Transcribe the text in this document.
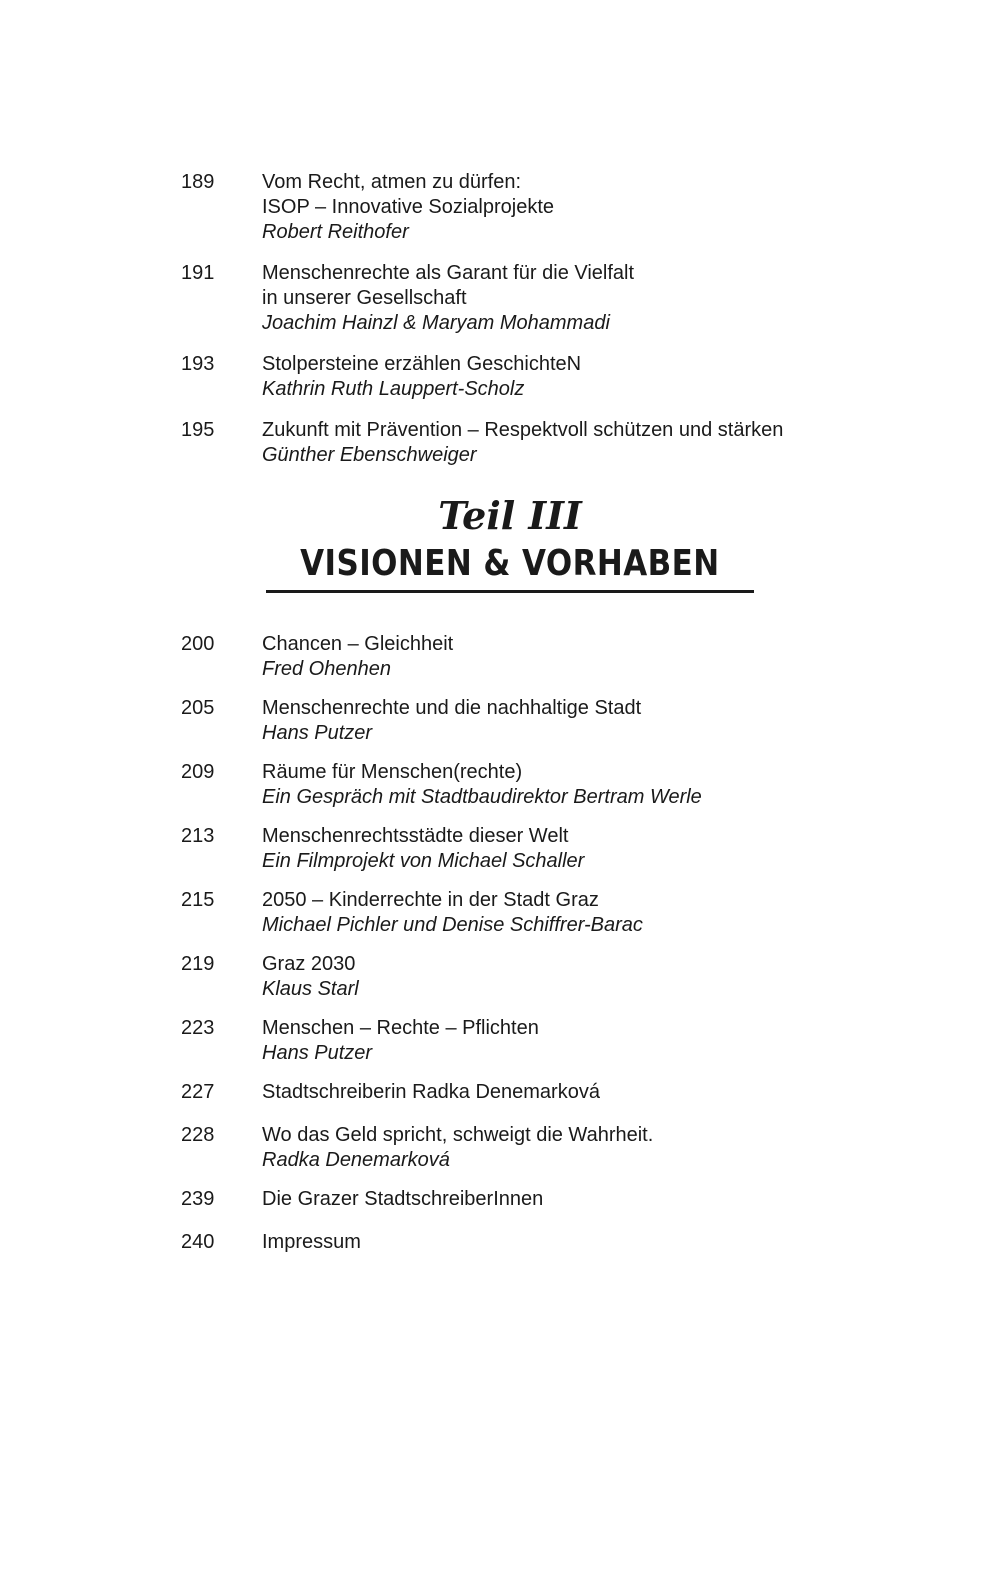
189 Vom Recht, atmen zu dürfen:
ISOP – Innovative Sozialprojekte
Robert Reithofer
191 Menschenrechte als Garant für die Vielfalt
in unserer Gesellschaft
Joachim Hainzl & Maryam Mohammadi
193 Stolpersteine erzählen GeschichteN
Kathrin Ruth Lauppert-Scholz
195 Zukunft mit Prävention – Respektvoll schützen und stärken
Günther Ebenschweiger
Teil III
VISIONEN & VORHABEN
200 Chancen – Gleichheit
Fred Ohenhen
205 Menschenrechte und die nachhaltige Stadt
Hans Putzer
209 Räume für Menschen(rechte)
Ein Gespräch mit Stadtbaudirektor Bertram Werle
213 Menschenrechtsstädte dieser Welt
Ein Filmprojekt von Michael Schaller
215 2050 – Kinderrechte in der Stadt Graz
Michael Pichler und Denise Schiffrer-Barac
219 Graz 2030
Klaus Starl
223 Menschen – Rechte – Pflichten
Hans Putzer
227 Stadtschreiberin Radka Denemarková
228 Wo das Geld spricht, schweigt die Wahrheit.
Radka Denemarková
239 Die Grazer StadtschreiberInnen
240 Impressum
